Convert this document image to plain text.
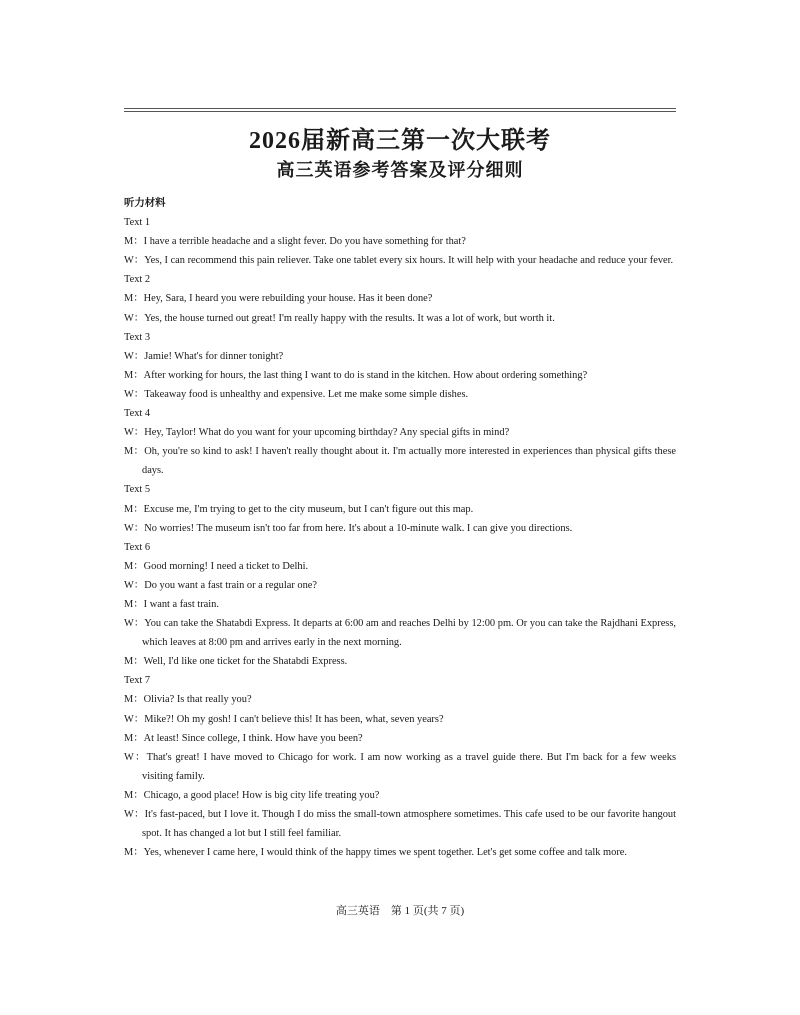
2026届新高三第一次大联考
高三英语参考答案及评分细则
听力材料
Text 1
M：I have a terrible headache and a slight fever. Do you have something for that?
W：Yes, I can recommend this pain reliever. Take one tablet every six hours. It will help with your headache and reduce your fever.
Text 2
M：Hey, Sara, I heard you were rebuilding your house. Has it been done?
W：Yes, the house turned out great! I'm really happy with the results. It was a lot of work, but worth it.
Text 3
W：Jamie! What's for dinner tonight?
M：After working for hours, the last thing I want to do is stand in the kitchen. How about ordering something?
W：Takeaway food is unhealthy and expensive. Let me make some simple dishes.
Text 4
W：Hey, Taylor! What do you want for your upcoming birthday? Any special gifts in mind?
M：Oh, you're so kind to ask! I haven't really thought about it. I'm actually more interested in experiences than physical gifts these days.
Text 5
M：Excuse me, I'm trying to get to the city museum, but I can't figure out this map.
W：No worries! The museum isn't too far from here. It's about a 10-minute walk. I can give you directions.
Text 6
M：Good morning! I need a ticket to Delhi.
W：Do you want a fast train or a regular one?
M：I want a fast train.
W：You can take the Shatabdi Express. It departs at 6:00 am and reaches Delhi by 12:00 pm. Or you can take the Rajdhani Express, which leaves at 8:00 pm and arrives early in the next morning.
M：Well, I'd like one ticket for the Shatabdi Express.
Text 7
M：Olivia? Is that really you?
W：Mike?! Oh my gosh! I can't believe this! It has been, what, seven years?
M：At least! Since college, I think. How have you been?
W：That's great! I have moved to Chicago for work. I am now working as a travel guide there. But I'm back for a few weeks visiting family.
M：Chicago, a good place! How is big city life treating you?
W：It's fast-paced, but I love it. Though I do miss the small-town atmosphere sometimes. This cafe used to be our favorite hangout spot. It has changed a lot but I still feel familiar.
M：Yes, whenever I came here, I would think of the happy times we spent together. Let's get some coffee and talk more.
高三英语　第 1 页(共 7 页)
